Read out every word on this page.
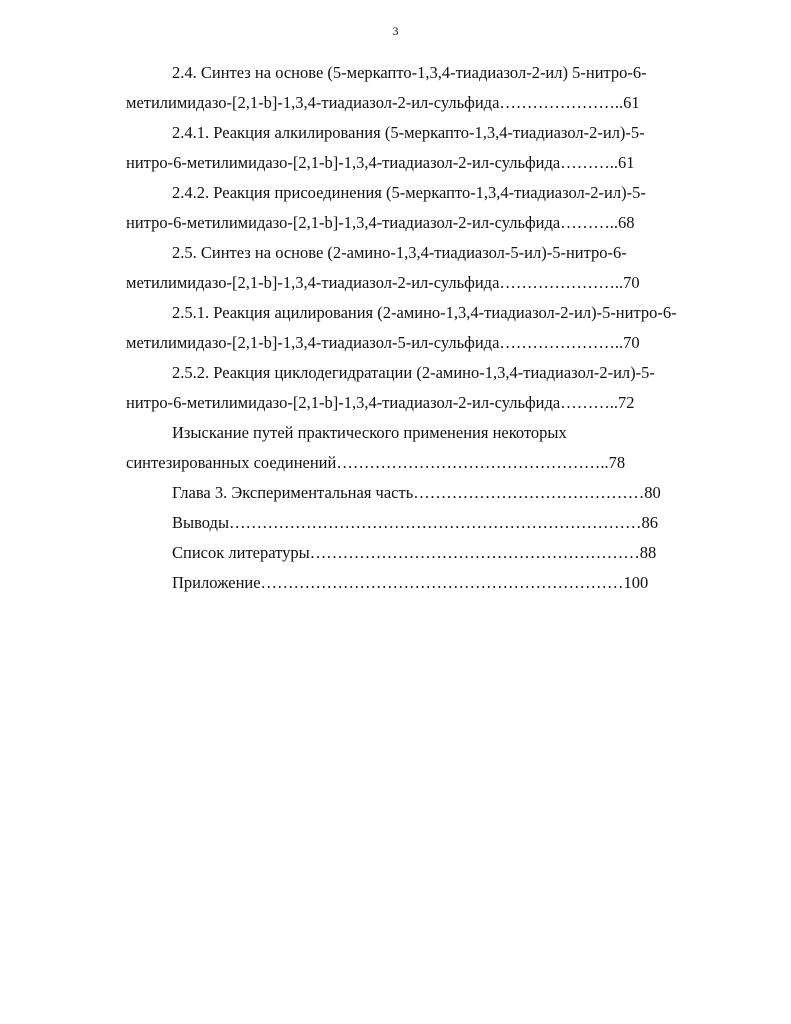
3
2.4. Синтез на основе (5-меркапто-1,3,4-тиадиазол-2-ил) 5-нитро-6-
метилимидазо-[2,1-b]-1,3,4-тиадиазол-2-ил-сульфида…………………..61
2.4.1. Реакция алкилирования (5-меркапто-1,3,4-тиадиазол-2-ил)-5-
нитро-6-метилимидазо-[2,1-b]-1,3,4-тиадиазол-2-ил-сульфида………..61
2.4.2. Реакция присоединения (5-меркапто-1,3,4-тиадиазол-2-ил)-5-
нитро-6-метилимидазо-[2,1-b]-1,3,4-тиадиазол-2-ил-сульфида………..68
2.5. Синтез на основе (2-амино-1,3,4-тиадиазол-5-ил)-5-нитро-6-
метилимидазо-[2,1-b]-1,3,4-тиадиазол-2-ил-сульфида…………………..70
2.5.1. Реакция ацилирования (2-амино-1,3,4-тиадиазол-2-ил)-5-нитро-6-
метилимидазо-[2,1-b]-1,3,4-тиадиазол-5-ил-сульфида…………………..70
2.5.2. Реакция циклодегидратации (2-амино-1,3,4-тиадиазол-2-ил)-5-
нитро-6-метилимидазо-[2,1-b]-1,3,4-тиадиазол-2-ил-сульфида………..72
Изыскание путей практического применения некоторых
синтезированных соединений…………………………………………..78
Глава 3. Экспериментальная часть……………………………………80
Выводы…………………………………………………………………86
Список литературы……………………………………………………88
Приложение…………………………………………………………100
